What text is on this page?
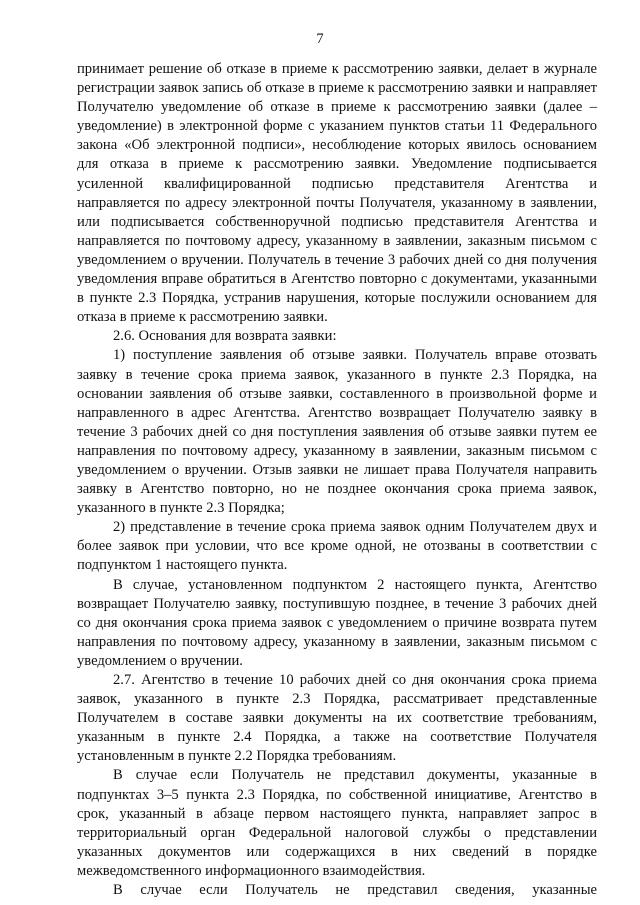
7

принимает решение об отказе в приеме к рассмотрению заявки, делает в журнале регистрации заявок запись об отказе в приеме к рассмотрению заявки и направляет Получателю уведомление об отказе в приеме к рассмотрению заявки (далее – уведомление) в электронной форме с указанием пунктов статьи 11 Федерального закона «Об электронной подписи», несоблюдение которых явилось основанием для отказа в приеме к рассмотрению заявки. Уведомление подписывается усиленной квалифицированной подписью представителя Агентства и направляется по адресу электронной почты Получателя, указанному в заявлении, или подписывается собственноручной подписью представителя Агентства и направляется по почтовому адресу, указанному в заявлении, заказным письмом с уведомлением о вручении. Получатель в течение 3 рабочих дней со дня получения уведомления вправе обратиться в Агентство повторно с документами, указанными в пункте 2.3 Порядка, устранив нарушения, которые послужили основанием для отказа в приеме к рассмотрению заявки.

2.6. Основания для возврата заявки:

1) поступление заявления об отзыве заявки. Получатель вправе отозвать заявку в течение срока приема заявок, указанного в пункте 2.3 Порядка, на основании заявления об отзыве заявки, составленного в произвольной форме и направленного в адрес Агентства. Агентство возвращает Получателю заявку в течение 3 рабочих дней со дня поступления заявления об отзыве заявки путем ее направления по почтовому адресу, указанному в заявлении, заказным письмом с уведомлением о вручении. Отзыв заявки не лишает права Получателя направить заявку в Агентство повторно, но не позднее окончания срока приема заявок, указанного в пункте 2.3 Порядка;

2) представление в течение срока приема заявок одним Получателем двух и более заявок при условии, что все кроме одной, не отозваны в соответствии с подпунктом 1 настоящего пункта.

В случае, установленном подпунктом 2 настоящего пункта, Агентство возвращает Получателю заявку, поступившую позднее, в течение 3 рабочих дней со дня окончания срока приема заявок с уведомлением о причине возврата путем направления по почтовому адресу, указанному в заявлении, заказным письмом с уведомлением о вручении.

2.7. Агентство в течение 10 рабочих дней со дня окончания срока приема заявок, указанного в пункте 2.3 Порядка, рассматривает представленные Получателем в составе заявки документы на их соответствие требованиям, указанным в пункте 2.4 Порядка, а также на соответствие Получателя установленным в пункте 2.2 Порядка требованиям.

В случае если Получатель не представил документы, указанные в подпунктах 3–5 пункта 2.3 Порядка, по собственной инициативе, Агентство в срок, указанный в абзаце первом настоящего пункта, направляет запрос в территориальный орган Федеральной налоговой службы о представлении указанных документов или содержащихся в них сведений в порядке межведомственного информационного взаимодействия.

В случае если Получатель не представил сведения, указанные
